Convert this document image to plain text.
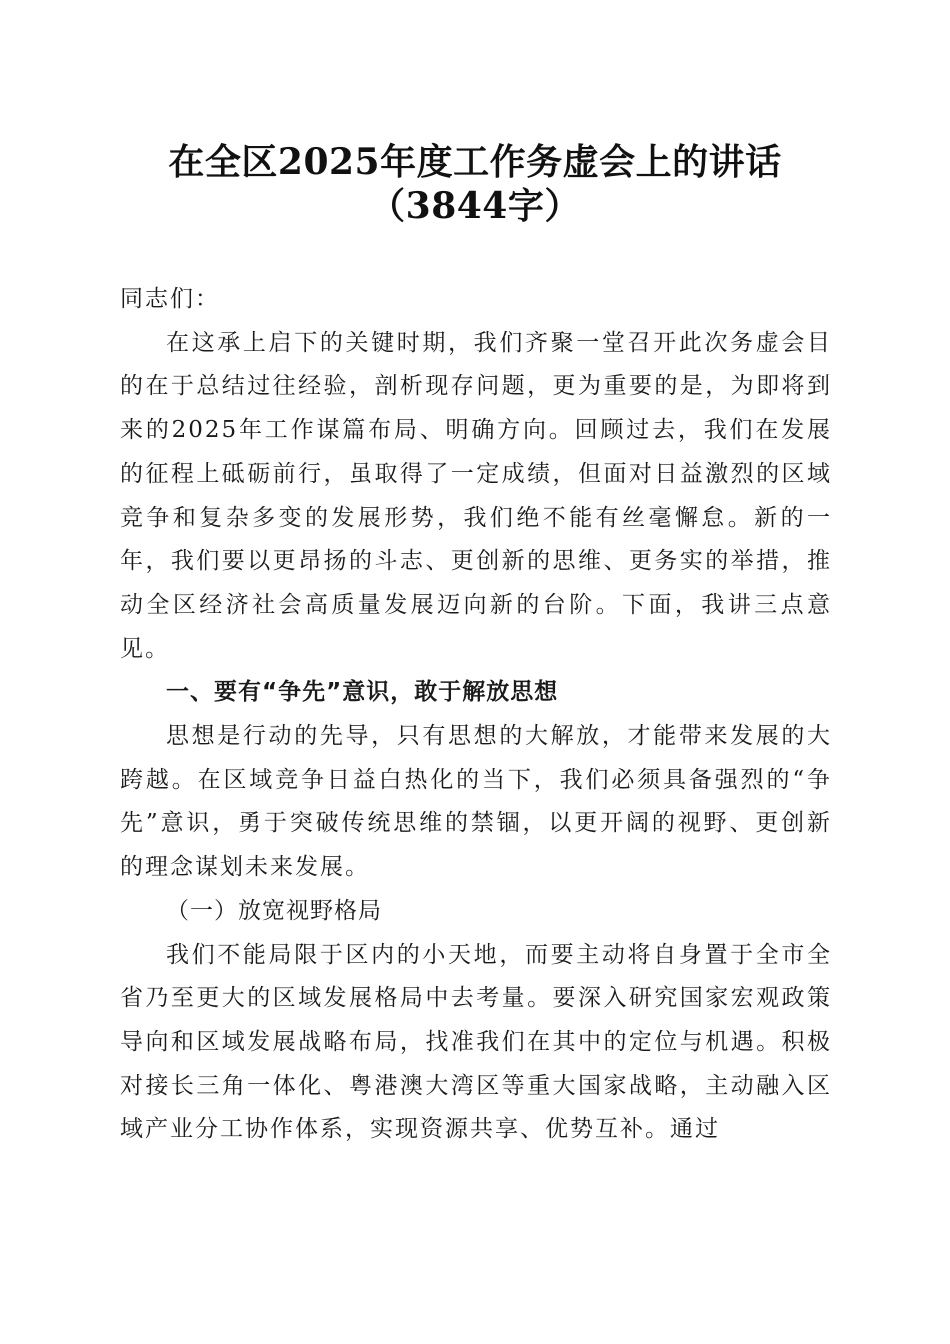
在全区2025年度工作务虚会上的讲话（3844字）

同志们：

在这承上启下的关键时期，我们齐聚一堂召开此次务虚会目的在于总结过往经验，剖析现存问题，更为重要的是，为即将到来的2025年工作谋篇布局、明确方向。回顾过去，我们在发展的征程上砥砺前行，虽取得了一定成绩，但面对日益激烈的区域竞争和复杂多变的发展形势，我们绝不能有丝毫懈怠。新的一年，我们要以更昂扬的斗志、更创新的思维、更务实的举措，推动全区经济社会高质量发展迈向新的台阶。下面，我讲三点意见。

一、要有“争先”意识，敢于解放思想

思想是行动的先导，只有思想的大解放，才能带来发展的大跨越。在区域竞争日益白热化的当下，我们必须具备强烈的“争先”意识，勇于突破传统思维的禁锢，以更开阔的视野、更创新的理念谋划未来发展。

（一）放宽视野格局

我们不能局限于区内的小天地，而要主动将自身置于全市全省乃至更大的区域发展格局中去考量。要深入研究国家宏观政策导向和区域发展战略布局，找准我们在其中的定位与机遇。积极对接长三角一体化、粤港澳大湾区等重大国家战略，主动融入区域产业分工协作体系，实现资源共享、优势互补。通过
